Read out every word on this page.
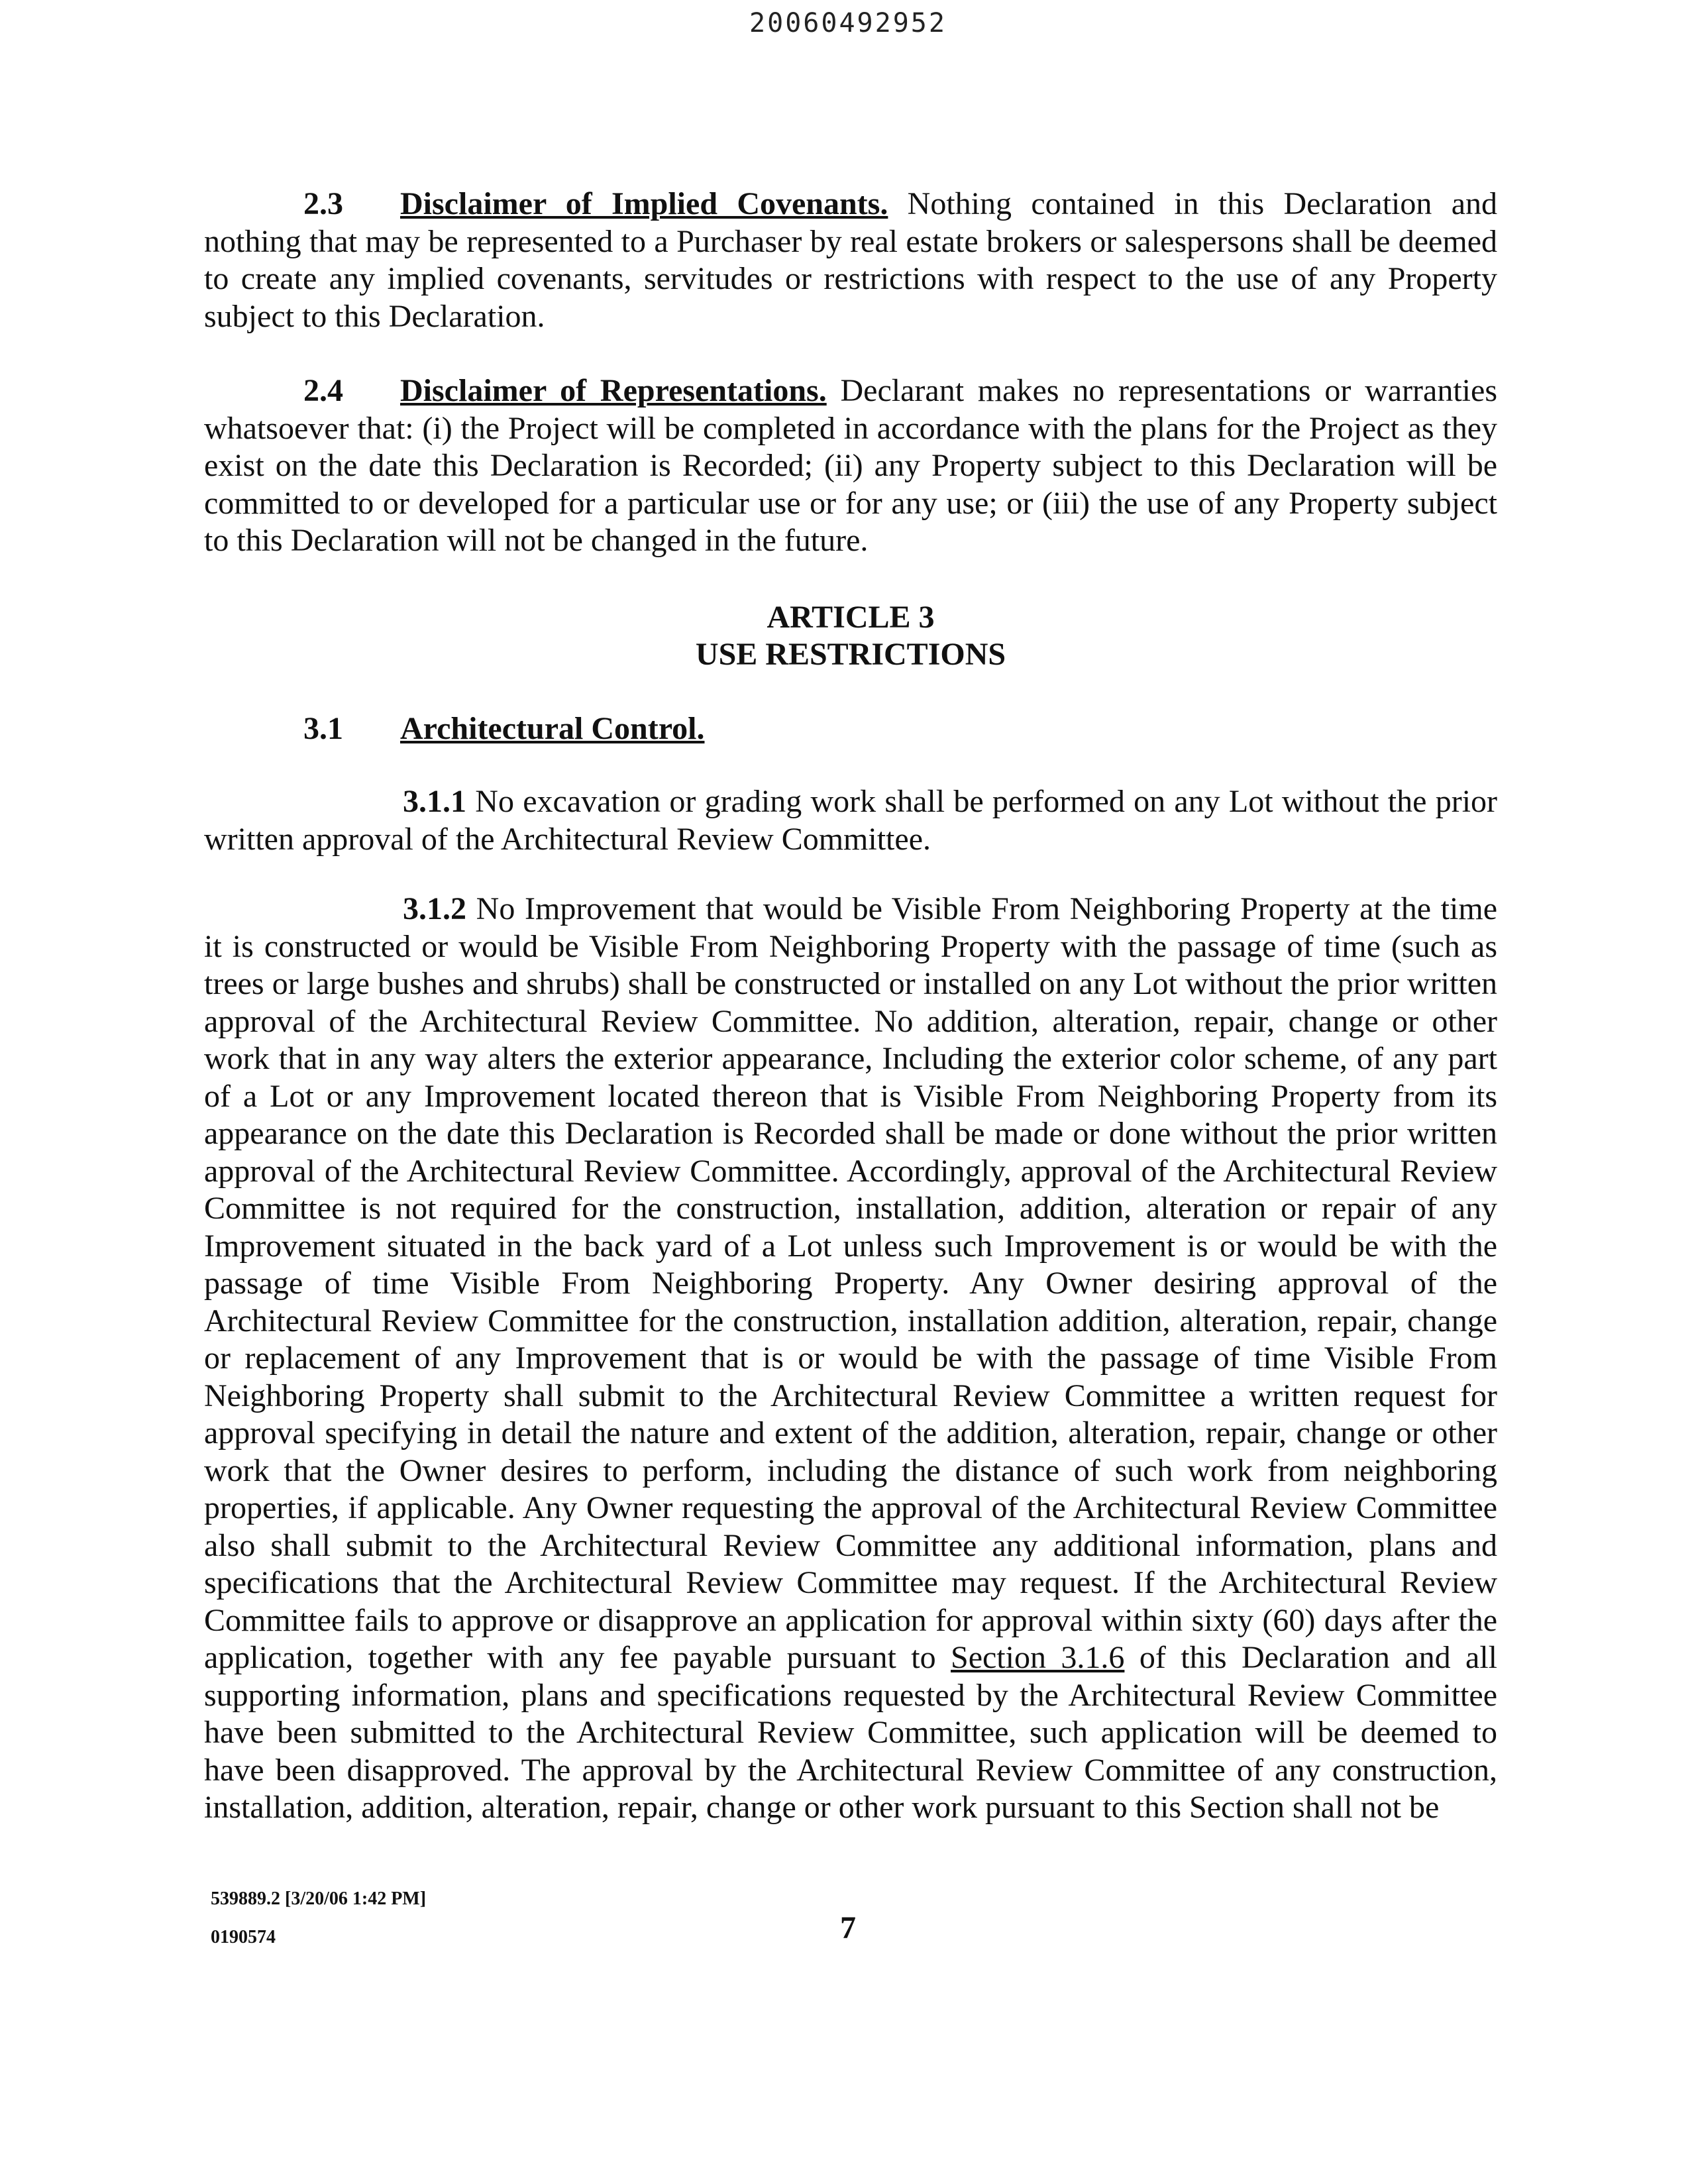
20060492952

2.3 Disclaimer of Implied Covenants. Nothing contained in this Declaration and nothing that may be represented to a Purchaser by real estate brokers or salespersons shall be deemed to create any implied covenants, servitudes or restrictions with respect to the use of any Property subject to this Declaration.

2.4 Disclaimer of Representations. Declarant makes no representations or warranties whatsoever that: (i) the Project will be completed in accordance with the plans for the Project as they exist on the date this Declaration is Recorded; (ii) any Property subject to this Declaration will be committed to or developed for a particular use or for any use; or (iii) the use of any Property subject to this Declaration will not be changed in the future.

ARTICLE 3
USE RESTRICTIONS
3.1 Architectural Control.

3.1.1 No excavation or grading work shall be performed on any Lot without the prior written approval of the Architectural Review Committee.

3.1.2 No Improvement that would be Visible From Neighboring Property at the time it is constructed or would be Visible From Neighboring Property with the passage of time (such as trees or large bushes and shrubs) shall be constructed or installed on any Lot without the prior written approval of the Architectural Review Committee. No addition, alteration, repair, change or other work that in any way alters the exterior appearance, Including the exterior color scheme, of any part of a Lot or any Improvement located thereon that is Visible From Neighboring Property from its appearance on the date this Declaration is Recorded shall be made or done without the prior written approval of the Architectural Review Committee. Accordingly, approval of the Architectural Review Committee is not required for the construction, installation, addition, alteration or repair of any Improvement situated in the back yard of a Lot unless such Improvement is or would be with the passage of time Visible From Neighboring Property. Any Owner desiring approval of the Architectural Review Committee for the construction, installation addition, alteration, repair, change or replacement of any Improvement that is or would be with the passage of time Visible From Neighboring Property shall submit to the Architectural Review Committee a written request for approval specifying in detail the nature and extent of the addition, alteration, repair, change or other work that the Owner desires to perform, including the distance of such work from neighboring properties, if applicable. Any Owner requesting the approval of the Architectural Review Committee also shall submit to the Architectural Review Committee any additional information, plans and specifications that the Architectural Review Committee may request. If the Architectural Review Committee fails to approve or disapprove an application for approval within sixty (60) days after the application, together with any fee payable pursuant to Section 3.1.6 of this Declaration and all supporting information, plans and specifications requested by the Architectural Review Committee have been submitted to the Architectural Review Committee, such application will be deemed to have been disapproved. The approval by the Architectural Review Committee of any construction, installation, addition, alteration, repair, change or other work pursuant to this Section shall not be

539889.2 [3/20/06 1:42 PM]
0190574	7
